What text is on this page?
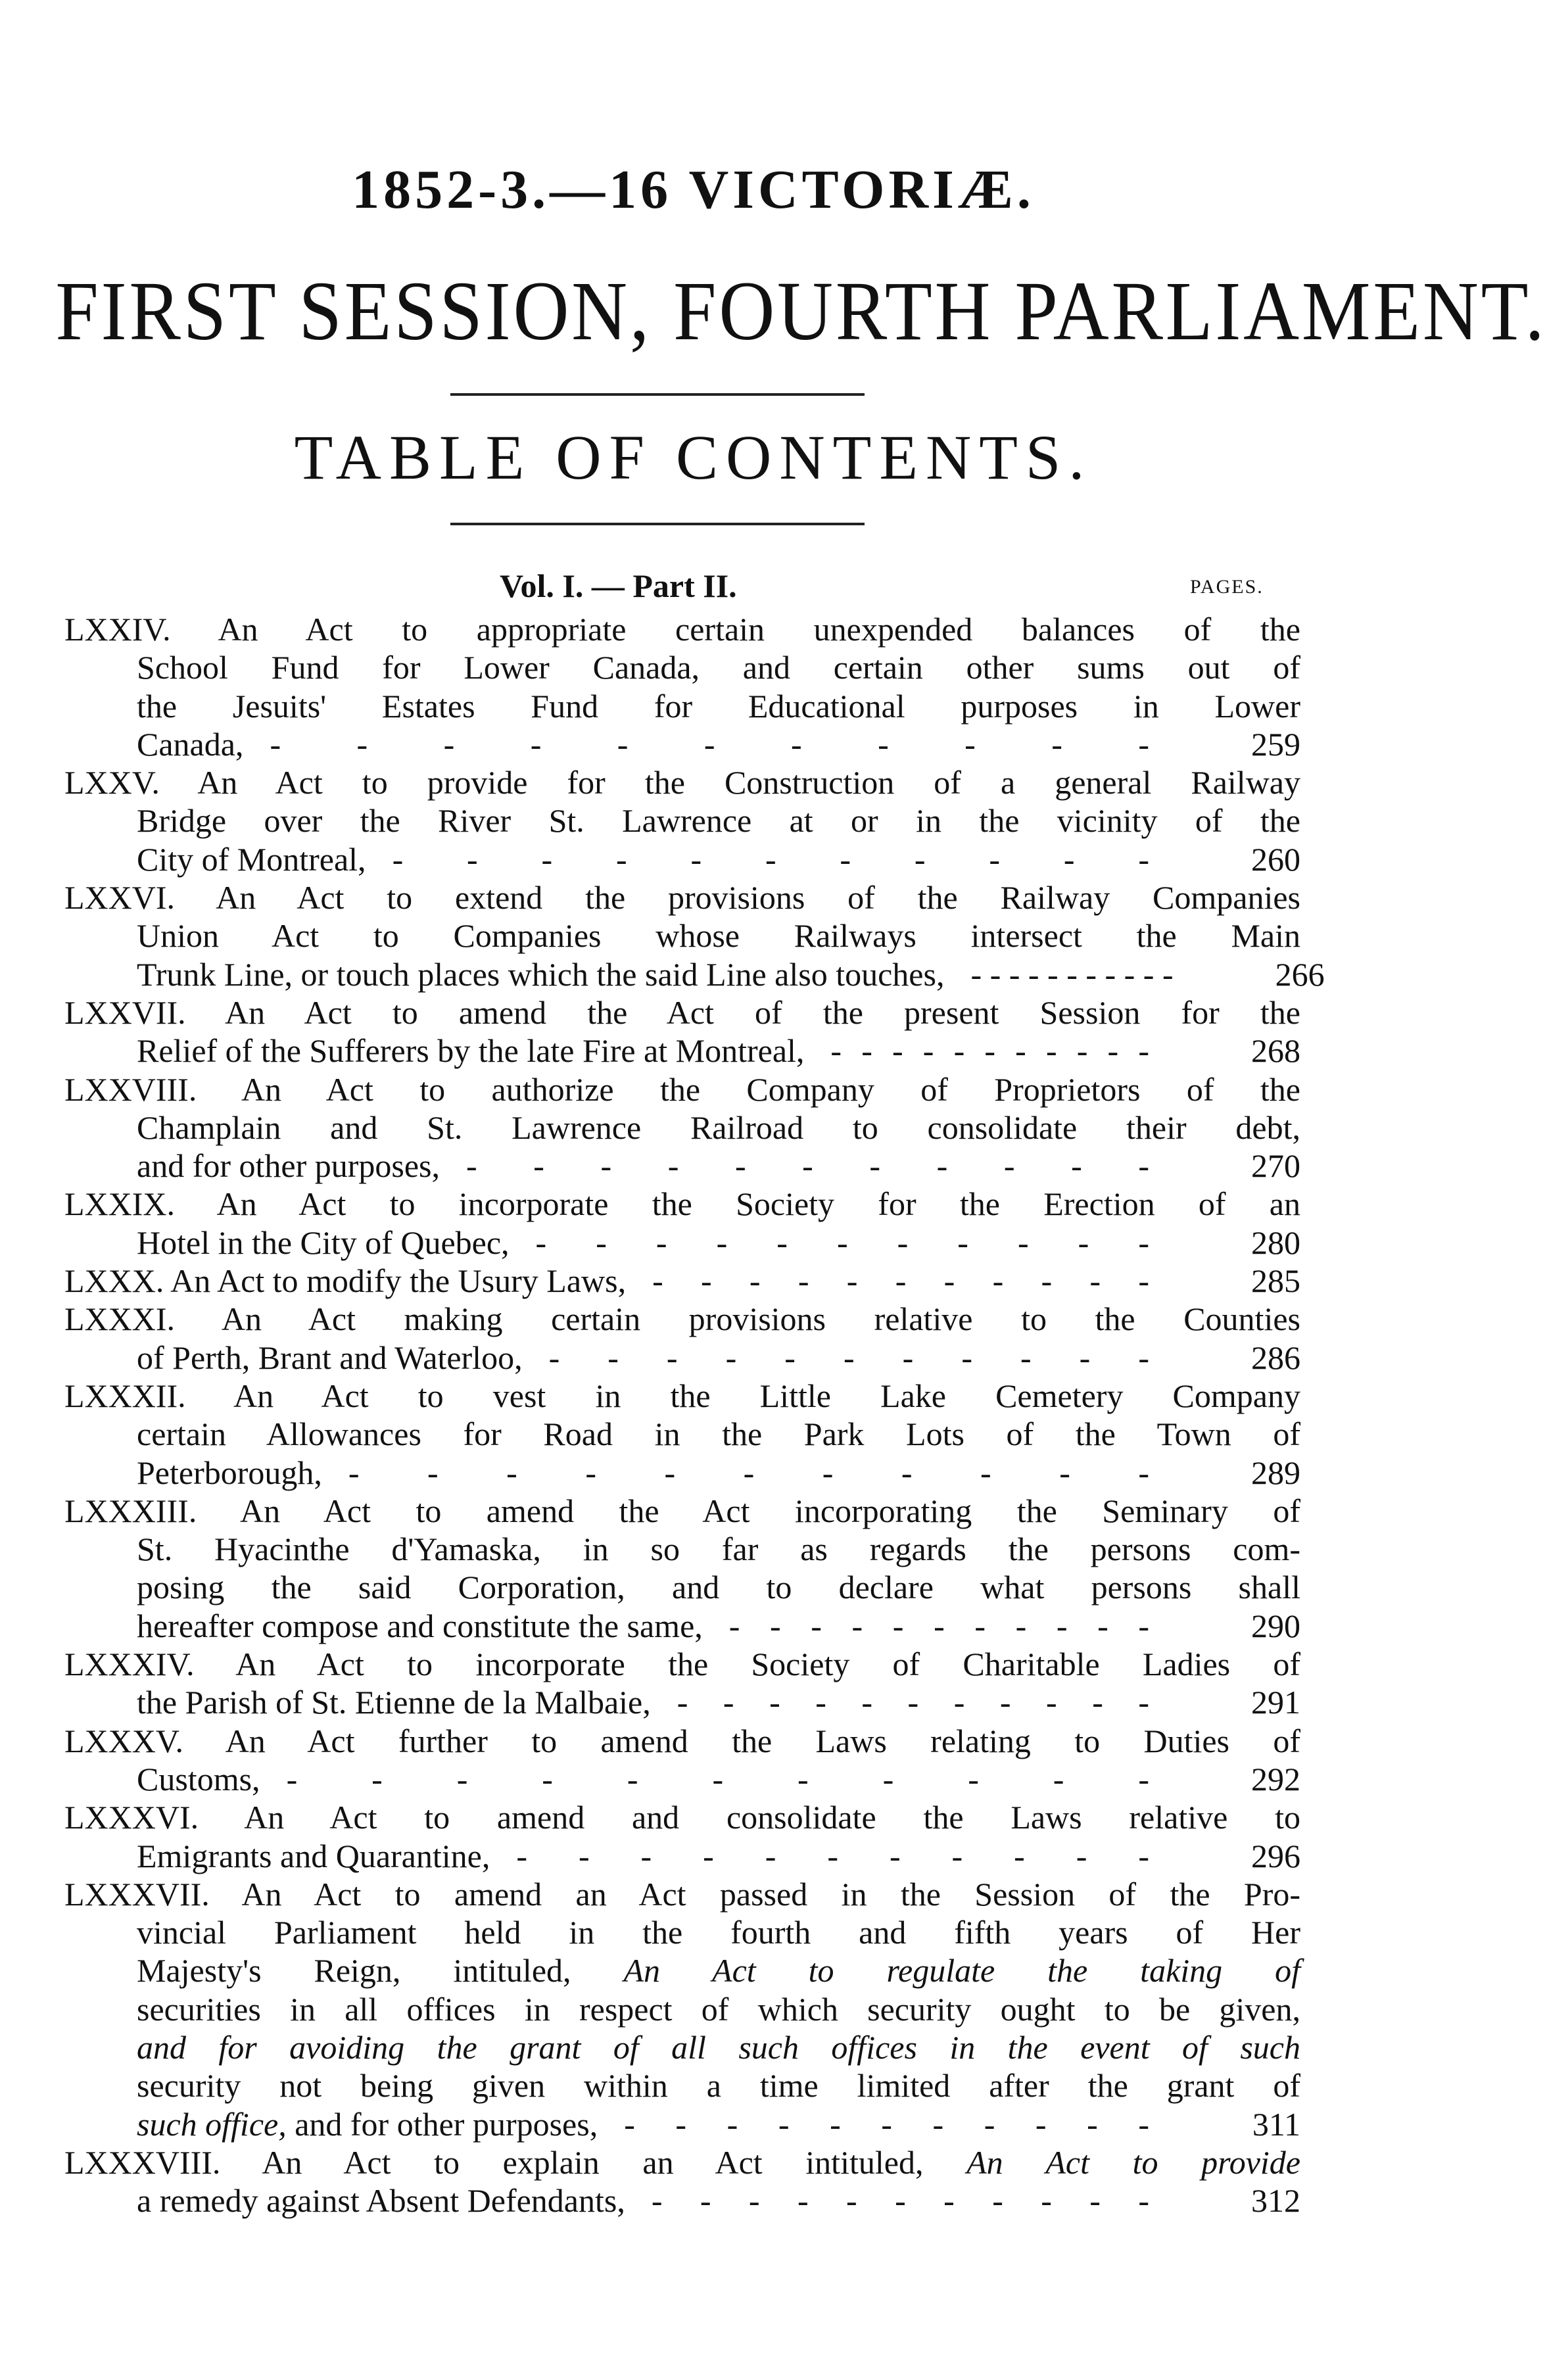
1852-3.—16 VICTORIÆ.
FIRST SESSION, FOURTH PARLIAMENT.
TABLE OF CONTENTS.
Vol. I. — Part II.	PAGES.
LXXIV. An Act to appropriate certain unexpended balances of the
School Fund for Lower Canada, and certain other sums out of
the Jesuits' Estates Fund for Educational purposes in Lower
Canada, - - - - - - - - - - -	259
LXXV. An Act to provide for the Construction of a general Railway
Bridge over the River St. Lawrence at or in the vicinity of the
City of Montreal, - - - - - - - - - - -	260
LXXVI. An Act to extend the provisions of the Railway Companies
Union Act to Companies whose Railways intersect the Main
Trunk Line, or touch places which the said Line also touches, - - - - - - - - - - -	266
LXXVII. An Act to amend the Act of the present Session for the
Relief of the Sufferers by the late Fire at Montreal, - - - - - - - - - - -	268
LXXVIII. An Act to authorize the Company of Proprietors of the
Champlain and St. Lawrence Railroad to consolidate their debt,
and for other purposes, - - - - - - - - - - -	270
LXXIX. An Act to incorporate the Society for the Erection of an
Hotel in the City of Quebec, - - - - - - - - - - -	280
LXXX. An Act to modify the Usury Laws, - - - - - - - - - - -	285
LXXXI. An Act making certain provisions relative to the Counties
of Perth, Brant and Waterloo, - - - - - - - - - - -	286
LXXXII. An Act to vest in the Little Lake Cemetery Company
certain Allowances for Road in the Park Lots of the Town of
Peterborough, - - - - - - - - - - -	289
LXXXIII. An Act to amend the Act incorporating the Seminary of
St. Hyacinthe d'Yamaska, in so far as regards the persons com-
posing the said Corporation, and to declare what persons shall
hereafter compose and constitute the same, - - - - - - - - - - -	290
LXXXIV. An Act to incorporate the Society of Charitable Ladies of
the Parish of St. Etienne de la Malbaie, - - - - - - - - - - -	291
LXXXV. An Act further to amend the Laws relating to Duties of
Customs, - - - - - - - - - - -	292
LXXXVI. An Act to amend and consolidate the Laws relative to
Emigrants and Quarantine, - - - - - - - - - - -	296
LXXXVII. An Act to amend an Act passed in the Session of the Pro-
vincial Parliament held in the fourth and fifth years of Her
Majesty's Reign, intituled, An Act to regulate the taking of
securities in all offices in respect of which security ought to be given,
and for avoiding the grant of all such offices in the event of such
security not being given within a time limited after the grant of
such office, and for other purposes, - - - - - - - - - - -	311
LXXXVIII. An Act to explain an Act intituled, An Act to provide
a remedy against Absent Defendants, - - - - - - - - - - -	312
